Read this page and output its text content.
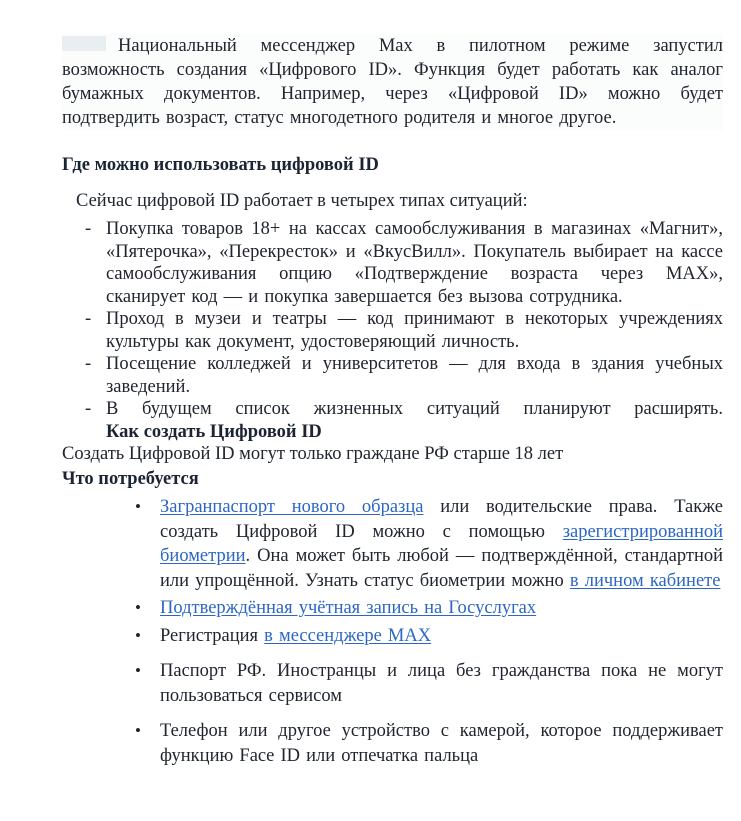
Национальный мессенджер Max в пилотном режиме запустил возможность создания «Цифрового ID». Функция будет работать как аналог бумажных документов. Например, через «Цифровой ID» можно будет подтвердить возраст, статус многодетного родителя и многое другое.

Где можно использовать цифровой ID

Сейчас цифровой ID работает в четырех типах ситуаций:

- Покупка товаров 18+ на кассах самообслуживания в магазинах «Магнит», «Пятерочка», «Перекресток» и «ВкусВилл». Покупатель выбирает на кассе самообслуживания опцию «Подтверждение возраста через MAX», сканирует код — и покупка завершается без вызова сотрудника.
- Проход в музеи и театры — код принимают в некоторых учреждениях культуры как документ, удостоверяющий личность.
- Посещение колледжей и университетов — для входа в здания учебных заведений.
- В будущем список жизненных ситуаций планируют расширять.
Как создать Цифровой ID

Создать Цифровой ID могут только граждане РФ старше 18 лет

Что потребуется
• Загранпаспорт нового образца или водительские права. Также создать Цифровой ID можно с помощью зарегистрированной биометрии. Она может быть любой — подтверждённой, стандартной или упрощённой. Узнать статус биометрии можно в личном кабинете
• Подтверждённая учётная запись на Госуслугах
• Регистрация в мессенджере MAX
• Паспорт РФ. Иностранцы и лица без гражданства пока не могут пользоваться сервисом
• Телефон или другое устройство с камерой, которое поддерживает функцию Face ID или отпечатка пальца
